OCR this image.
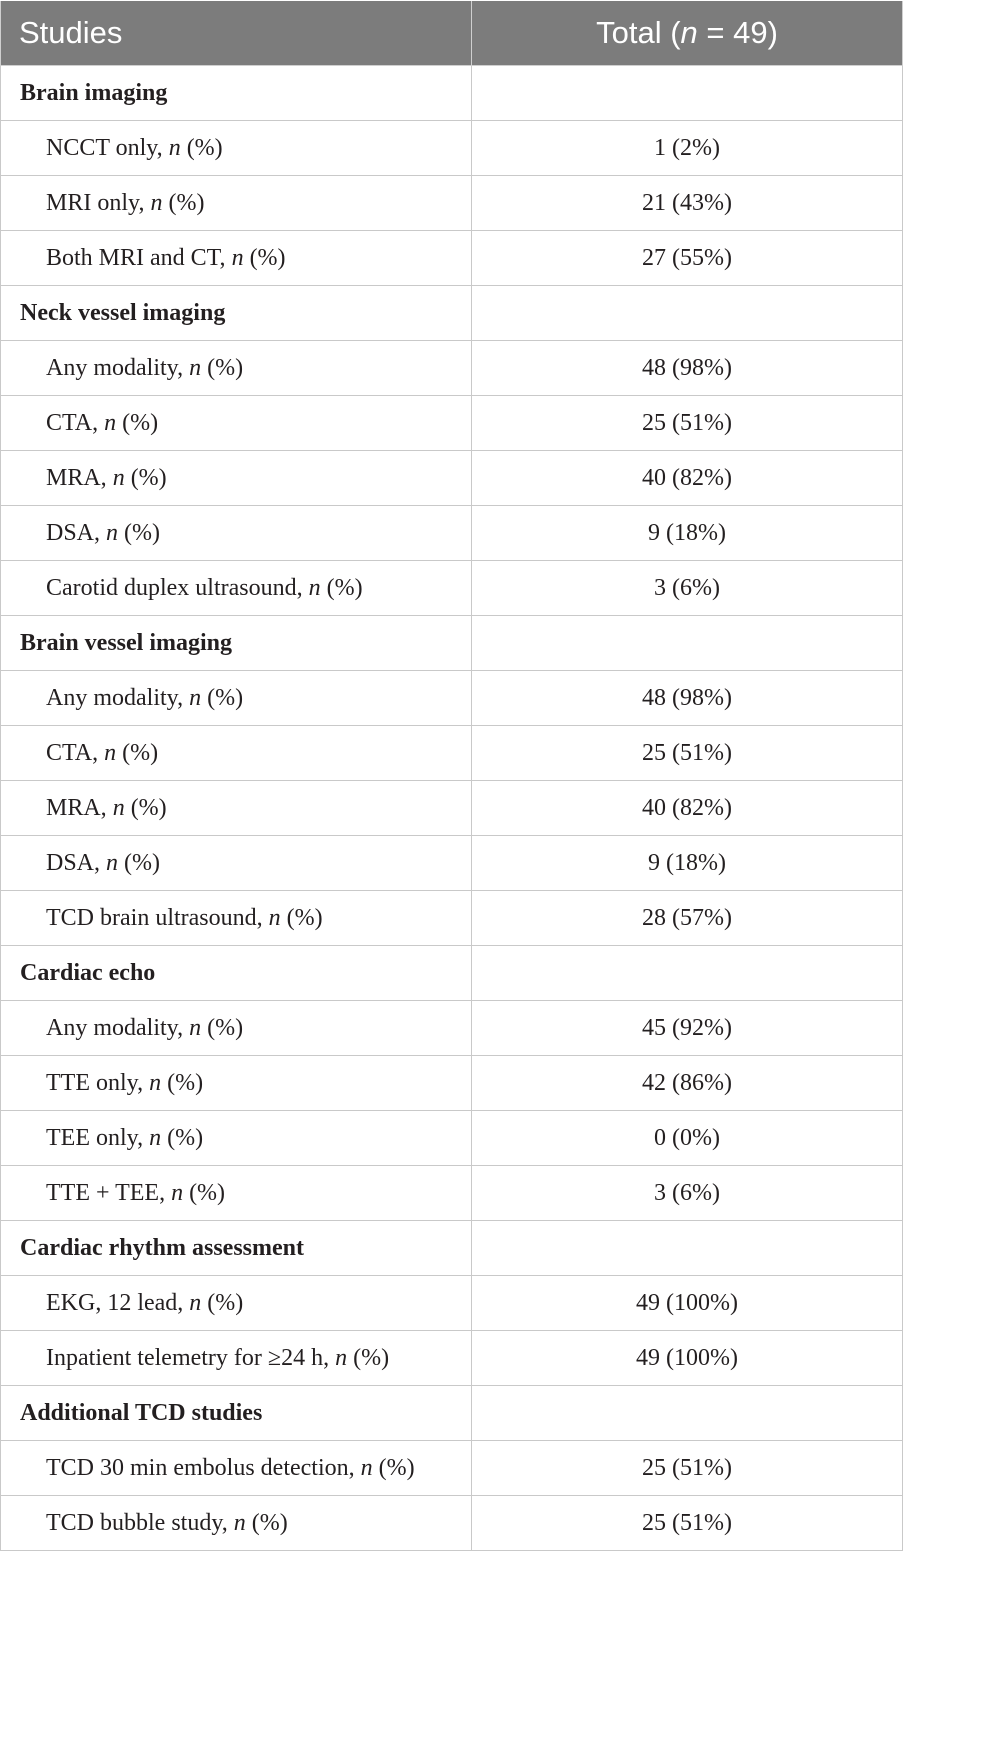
Studies	Total (n = 49)
Brain imaging	
NCCT only, n (%)	1 (2%)
MRI only, n (%)	21 (43%)
Both MRI and CT, n (%)	27 (55%)
Neck vessel imaging	
Any modality, n (%)	48 (98%)
CTA, n (%)	25 (51%)
MRA, n (%)	40 (82%)
DSA, n (%)	9 (18%)
Carotid duplex ultrasound, n (%)	3 (6%)
Brain vessel imaging	
Any modality, n (%)	48 (98%)
CTA, n (%)	25 (51%)
MRA, n (%)	40 (82%)
DSA, n (%)	9 (18%)
TCD brain ultrasound, n (%)	28 (57%)
Cardiac echo	
Any modality, n (%)	45 (92%)
TTE only, n (%)	42 (86%)
TEE only, n (%)	0 (0%)
TTE + TEE, n (%)	3 (6%)
Cardiac rhythm assessment	
EKG, 12 lead, n (%)	49 (100%)
Inpatient telemetry for ≥24 h, n (%)	49 (100%)
Additional TCD studies	
TCD 30 min embolus detection, n (%)	25 (51%)
TCD bubble study, n (%)	25 (51%)
